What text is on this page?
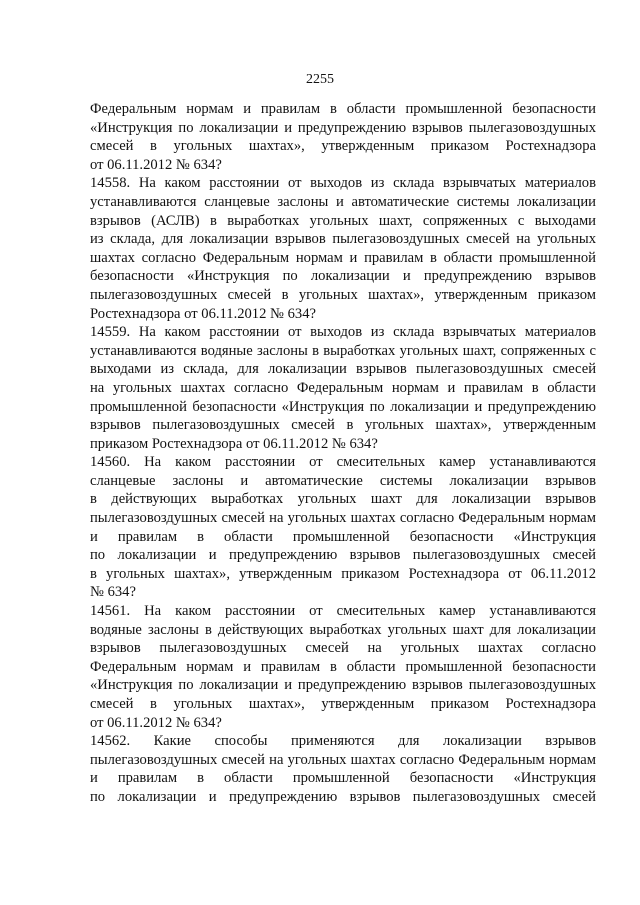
2255
Федеральным нормам и правилам в области промышленной безопасности
«Инструкция по локализации и предупреждению взрывов пылегазовоздушных
смесей в угольных шахтах», утвержденным приказом Ростехнадзора
от 06.11.2012 № 634?
14558. На каком расстоянии от выходов из склада взрывчатых материалов
устанавливаются сланцевые заслоны и автоматические системы локализации
взрывов (АСЛВ) в выработках угольных шахт, сопряженных с выходами
из склада, для локализации взрывов пылегазовоздушных смесей на угольных
шахтах согласно Федеральным нормам и правилам в области промышленной
безопасности «Инструкция по локализации и предупреждению взрывов
пылегазовоздушных смесей в угольных шахтах», утвержденным приказом
Ростехнадзора от 06.11.2012 № 634?
14559. На каком расстоянии от выходов из склада взрывчатых материалов
устанавливаются водяные заслоны в выработках угольных шахт, сопряженных с
выходами из склада, для локализации взрывов пылегазовоздушных смесей
на угольных шахтах согласно Федеральным нормам и правилам в области
промышленной безопасности «Инструкция по локализации и предупреждению
взрывов пылегазовоздушных смесей в угольных шахтах», утвержденным
приказом Ростехнадзора от 06.11.2012 № 634?
14560. На каком расстоянии от смесительных камер устанавливаются
сланцевые заслоны и автоматические системы локализации взрывов
в действующих выработках угольных шахт для локализации взрывов
пылегазовоздушных смесей на угольных шахтах согласно Федеральным нормам
и правилам в области промышленной безопасности «Инструкция
по локализации и предупреждению взрывов пылегазовоздушных смесей
в угольных шахтах», утвержденным приказом Ростехнадзора от 06.11.2012
№ 634?
14561. На каком расстоянии от смесительных камер устанавливаются
водяные заслоны в действующих выработках угольных шахт для локализации
взрывов пылегазовоздушных смесей на угольных шахтах согласно
Федеральным нормам и правилам в области промышленной безопасности
«Инструкция по локализации и предупреждению взрывов пылегазовоздушных
смесей в угольных шахтах», утвержденным приказом Ростехнадзора
от 06.11.2012 № 634?
14562. Какие способы применяются для локализации взрывов
пылегазовоздушных смесей на угольных шахтах согласно Федеральным нормам
и правилам в области промышленной безопасности «Инструкция
по локализации и предупреждению взрывов пылегазовоздушных смесей
